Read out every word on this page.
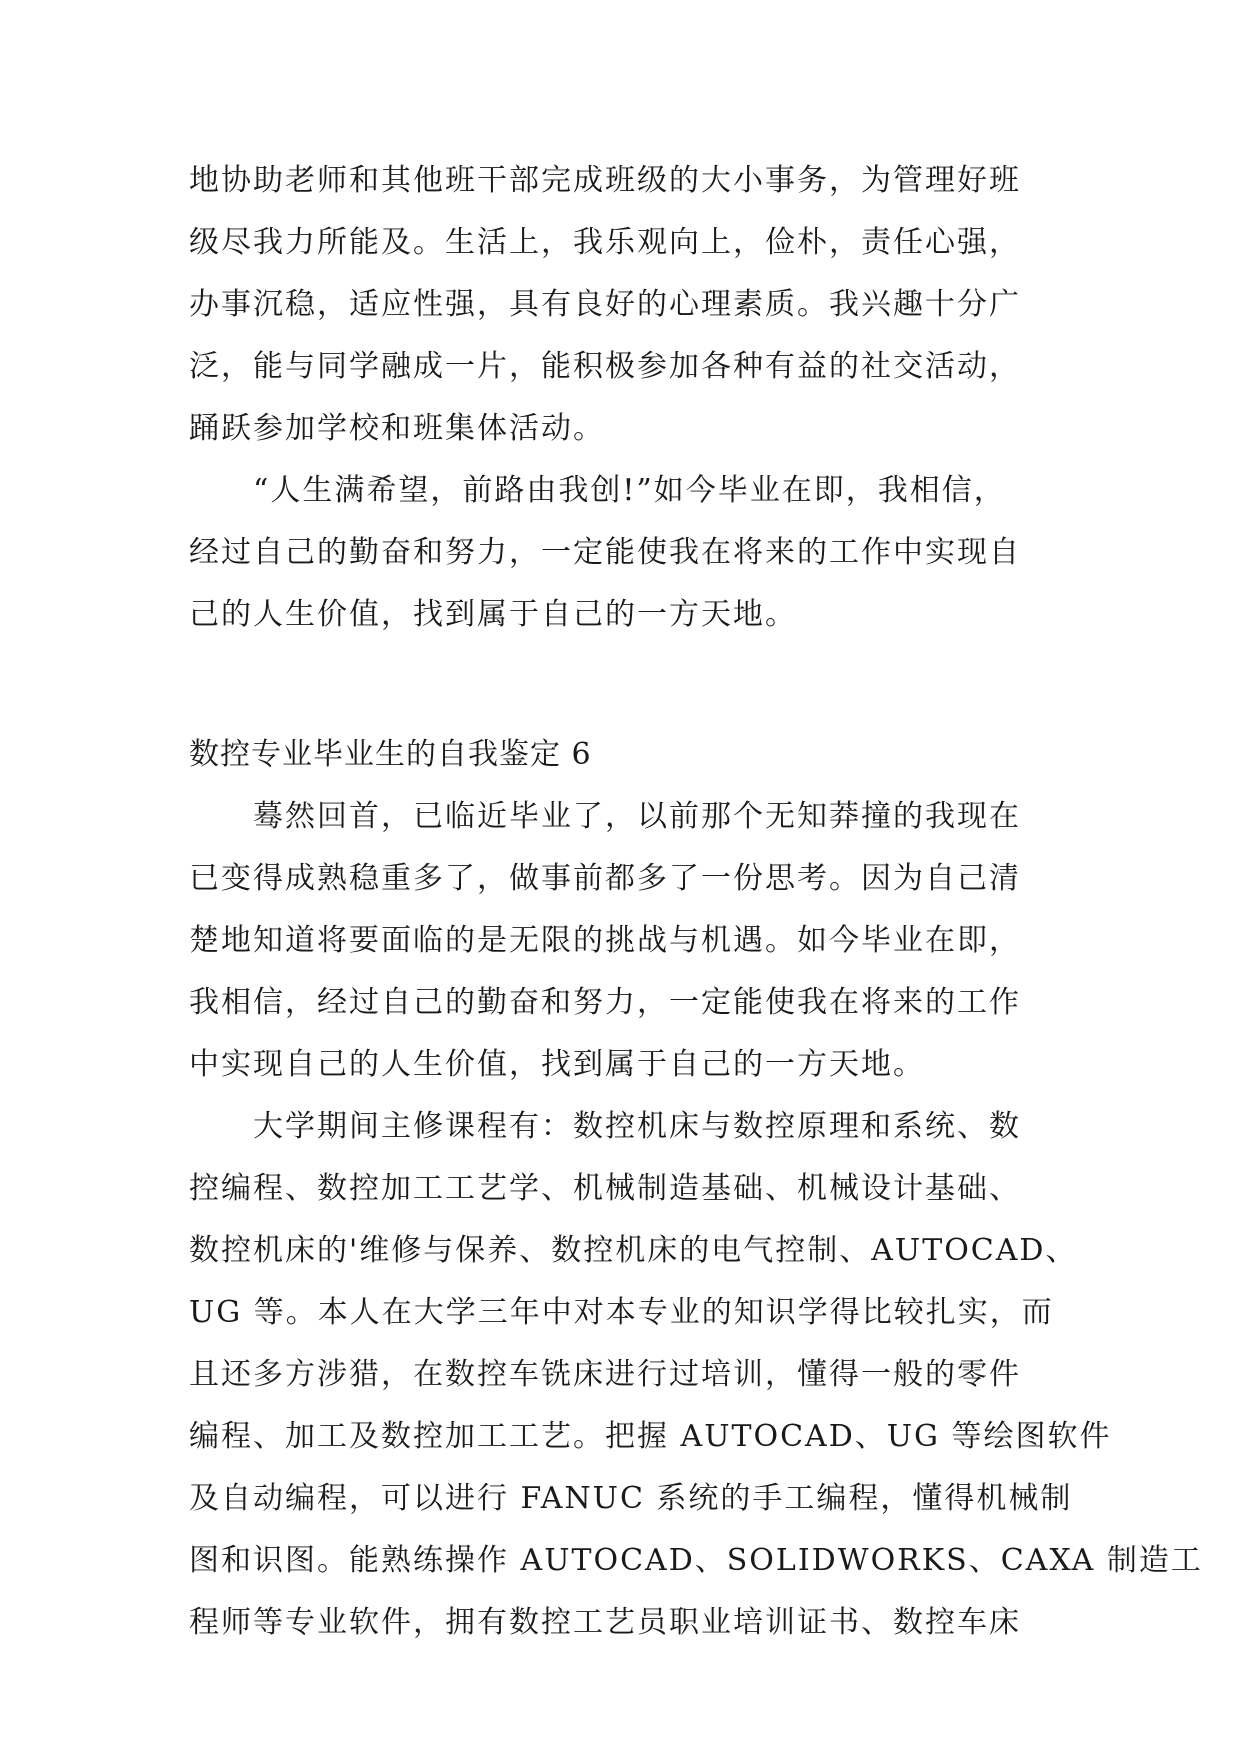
地协助老师和其他班干部完成班级的大小事务，为管理好班
级尽我力所能及。生活上，我乐观向上，俭朴，责任心强，
办事沉稳，适应性强，具有良好的心理素质。我兴趣十分广
泛，能与同学融成一片，能积极参加各种有益的社交活动，
踊跃参加学校和班集体活动。
“人生满希望，前路由我创!”如今毕业在即，我相信，
经过自己的勤奋和努力，一定能使我在将来的工作中实现自
己的人生价值，找到属于自己的一方天地。
数控专业毕业生的自我鉴定 6
蓦然回首，已临近毕业了，以前那个无知莽撞的我现在
已变得成熟稳重多了，做事前都多了一份思考。因为自己清
楚地知道将要面临的是无限的挑战与机遇。如今毕业在即，
我相信，经过自己的勤奋和努力，一定能使我在将来的工作
中实现自己的人生价值，找到属于自己的一方天地。
大学期间主修课程有：数控机床与数控原理和系统、数
控编程、数控加工工艺学、机械制造基础、机械设计基础、
数控机床的'维修与保养、数控机床的电气控制、AUTOCAD、
UG 等。本人在大学三年中对本专业的知识学得比较扎实，而
且还多方涉猎，在数控车铣床进行过培训，懂得一般的零件
编程、加工及数控加工工艺。把握 AUTOCAD、UG 等绘图软件
及自动编程，可以进行 FANUC 系统的手工编程，懂得机械制
图和识图。能熟练操作 AUTOCAD、SOLIDWORKS、CAXA 制造工
程师等专业软件，拥有数控工艺员职业培训证书、数控车床
